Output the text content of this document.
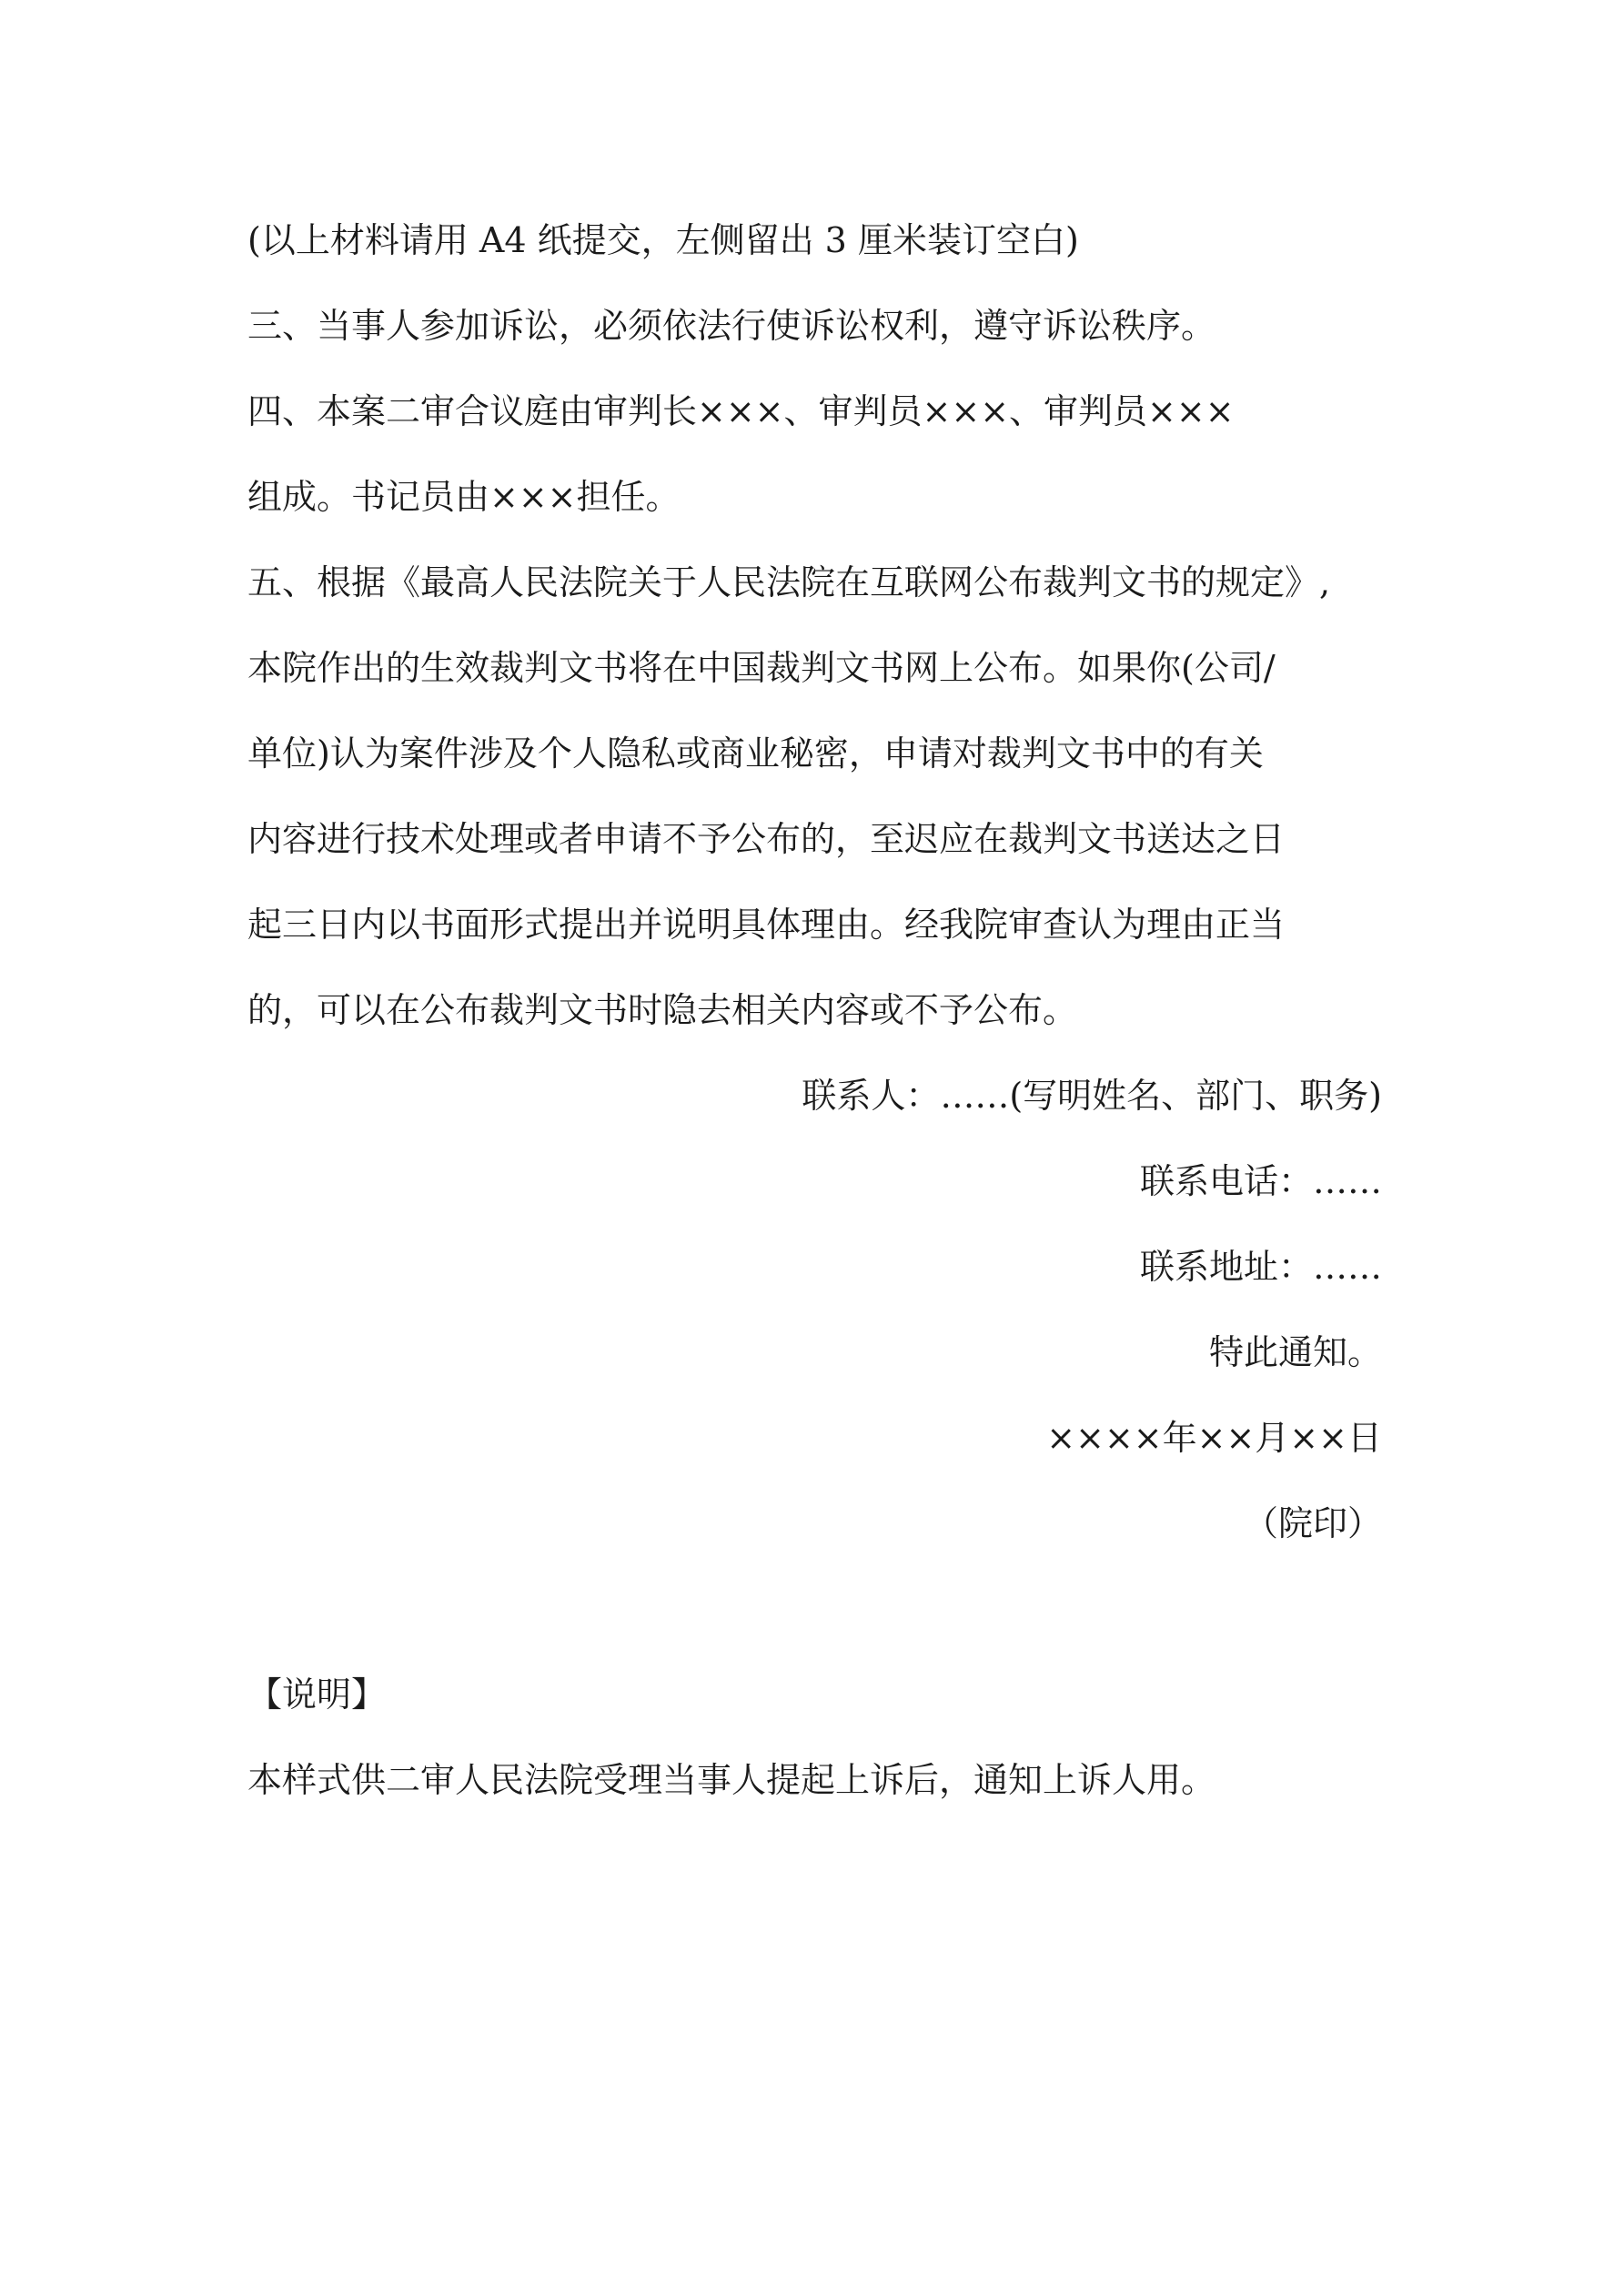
(以上材料请用 A4 纸提交，左侧留出 3 厘米装订空白)

三、当事人参加诉讼，必须依法行使诉讼权利，遵守诉讼秩序。

四、本案二审合议庭由审判长×××、审判员×××、审判员×××

组成。书记员由×××担任。

五、根据《最高人民法院关于人民法院在互联网公布裁判文书的规定》,

本院作出的生效裁判文书将在中国裁判文书网上公布。如果你(公司/

单位)认为案件涉及个人隐私或商业秘密，申请对裁判文书中的有关

内容进行技术处理或者申请不予公布的，至迟应在裁判文书送达之日

起三日内以书面形式提出并说明具体理由。经我院审查认为理由正当

的，可以在公布裁判文书时隐去相关内容或不予公布。

联系人：……(写明姓名、部门、职务)

联系电话：……

联系地址：……

特此通知。

××××年××月××日

（院印）

【说明】

本样式供二审人民法院受理当事人提起上诉后，通知上诉人用。
